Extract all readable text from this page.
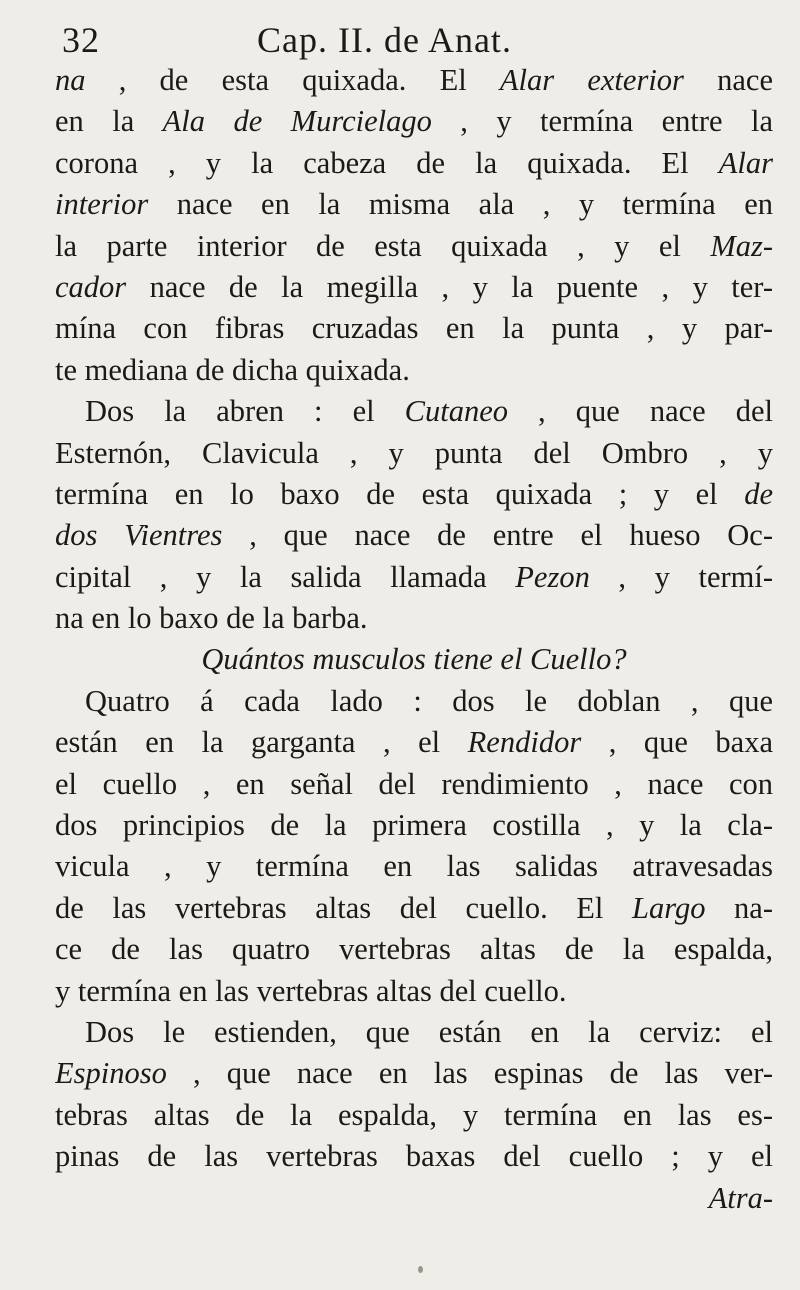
32	Cap. II. de Anat.
na , de esta quixada. El Alar exterior nace
en la Ala de Murcielago , y termína entre la
corona , y la cabeza de la quixada. El Alar
interior nace en la misma ala , y termína en
la parte interior de esta quixada , y el Maz-
cador nace de la megilla , y la puente , y ter-
mína con fibras cruzadas en la punta , y par-
te mediana de dicha quixada.
Dos la abren : el Cutaneo , que nace del
Esternón, Clavicula , y punta del Ombro , y
termína en lo baxo de esta quixada ; y el de
dos Vientres , que nace de entre el hueso Oc-
cipital , y la salida llamada Pezon , y termí-
na en lo baxo de la barba.
Quántos musculos tiene el Cuello?
Quatro á cada lado : dos le doblan , que
están en la garganta , el Rendidor , que baxa
el cuello , en señal del rendimiento , nace con
dos principios de la primera costilla , y la cla-
vicula , y termína en las salidas atravesadas
de las vertebras altas del cuello. El Largo na-
ce de las quatro vertebras altas de la espalda,
y termína en las vertebras altas del cuello.
Dos le estienden, que están en la cerviz: el
Espinoso , que nace en las espinas de las ver-
tebras altas de la espalda, y termína en las es-
pinas de las vertebras baxas del cuello ; y el
Atra-
